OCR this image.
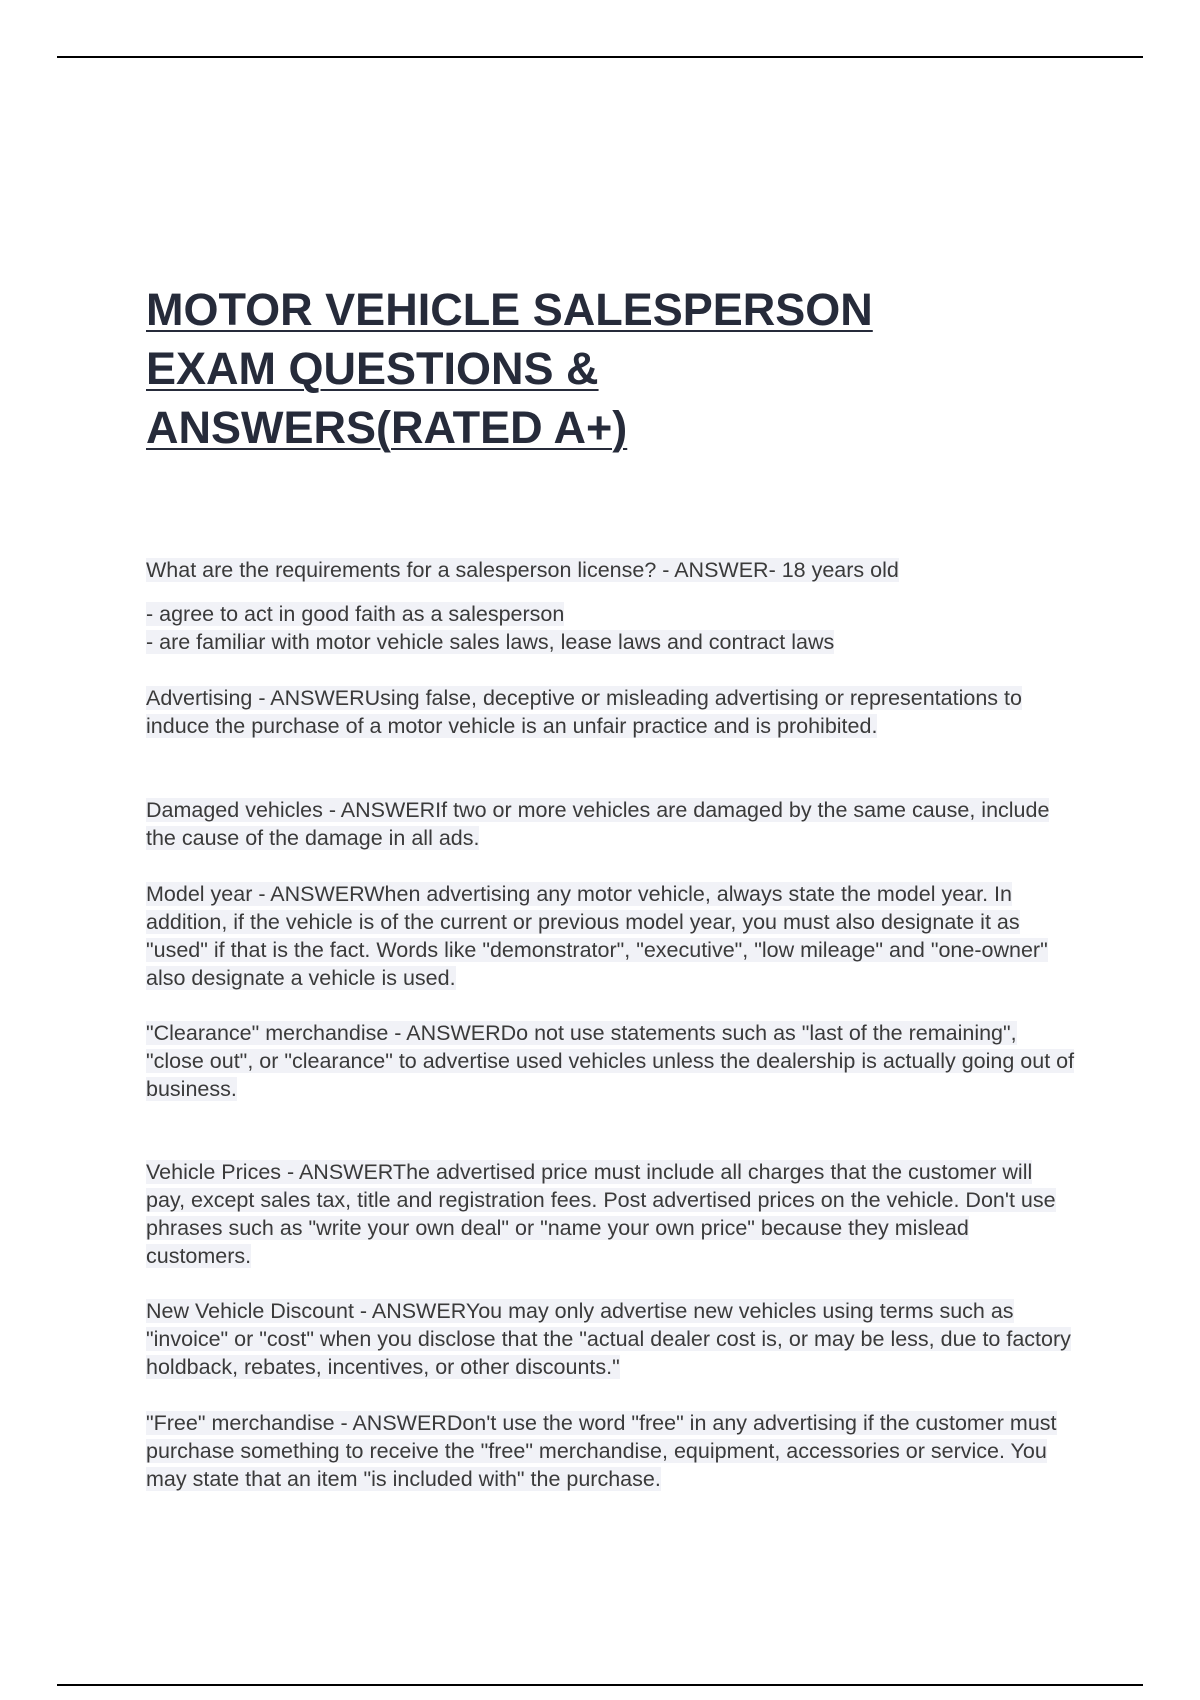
MOTOR VEHICLE SALESPERSON
EXAM QUESTIONS &
ANSWERS(RATED A+)

What are the requirements for a salesperson license? - ANSWER- 18 years old

- agree to act in good faith as a salesperson
- are familiar with motor vehicle sales laws, lease laws and contract laws

Advertising - ANSWERUsing false, deceptive or misleading advertising or representations to induce the purchase of a motor vehicle is an unfair practice and is prohibited.

Damaged vehicles - ANSWERIf two or more vehicles are damaged by the same cause, include the cause of the damage in all ads.

Model year - ANSWERWhen advertising any motor vehicle, always state the model year. In addition, if the vehicle is of the current or previous model year, you must also designate it as "used" if that is the fact. Words like "demonstrator", "executive", "low mileage" and "one-owner" also designate a vehicle is used.

"Clearance" merchandise - ANSWERDo not use statements such as "last of the remaining", "close out", or "clearance" to advertise used vehicles unless the dealership is actually going out of business.

Vehicle Prices - ANSWERThe advertised price must include all charges that the customer will pay, except sales tax, title and registration fees. Post advertised prices on the vehicle. Don't use phrases such as "write your own deal" or "name your own price" because they mislead customers.

New Vehicle Discount - ANSWERYou may only advertise new vehicles using terms such as "invoice" or "cost" when you disclose that the "actual dealer cost is, or may be less, due to factory holdback, rebates, incentives, or other discounts."

"Free" merchandise - ANSWERDon't use the word "free" in any advertising if the customer must purchase something to receive the "free" merchandise, equipment, accessories or service. You may state that an item "is included with" the purchase.
